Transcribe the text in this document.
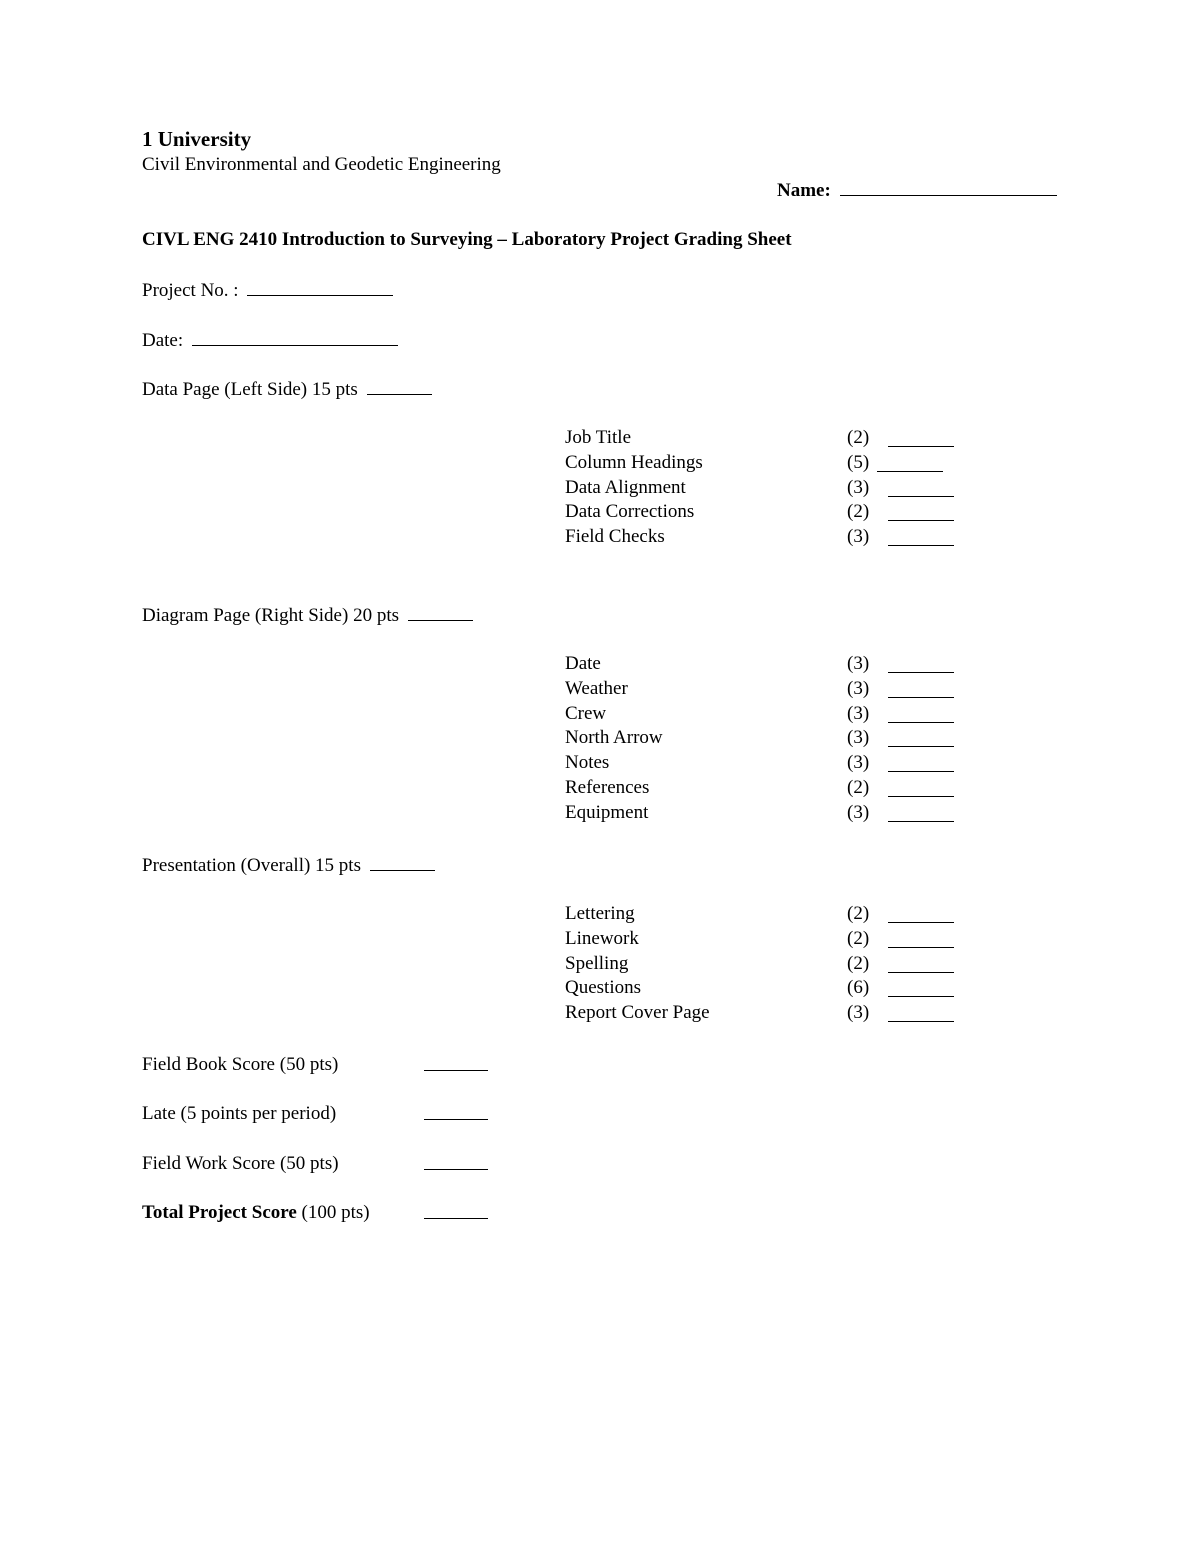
1 University
Civil Environmental and Geodetic Engineering
Name:
CIVL ENG 2410 Introduction to Surveying – Laboratory Project Grading Sheet
Project No. :
Date:
Data Page (Left Side) 15 pts
Job Title	(2)
Column Headings	(5)
Data Alignment	(3)
Data Corrections	(2)
Field Checks	(3)
Diagram Page (Right Side) 20 pts
Date	(3)
Weather	(3)
Crew	(3)
North Arrow	(3)
Notes	(3)
References	(2)
Equipment	(3)
Presentation (Overall) 15 pts
Lettering	(2)
Linework	(2)
Spelling	(2)
Questions	(6)
Report Cover Page	(3)
Field Book Score (50 pts)
Late (5 points per period)
Field Work Score (50 pts)
Total Project Score (100 pts)
